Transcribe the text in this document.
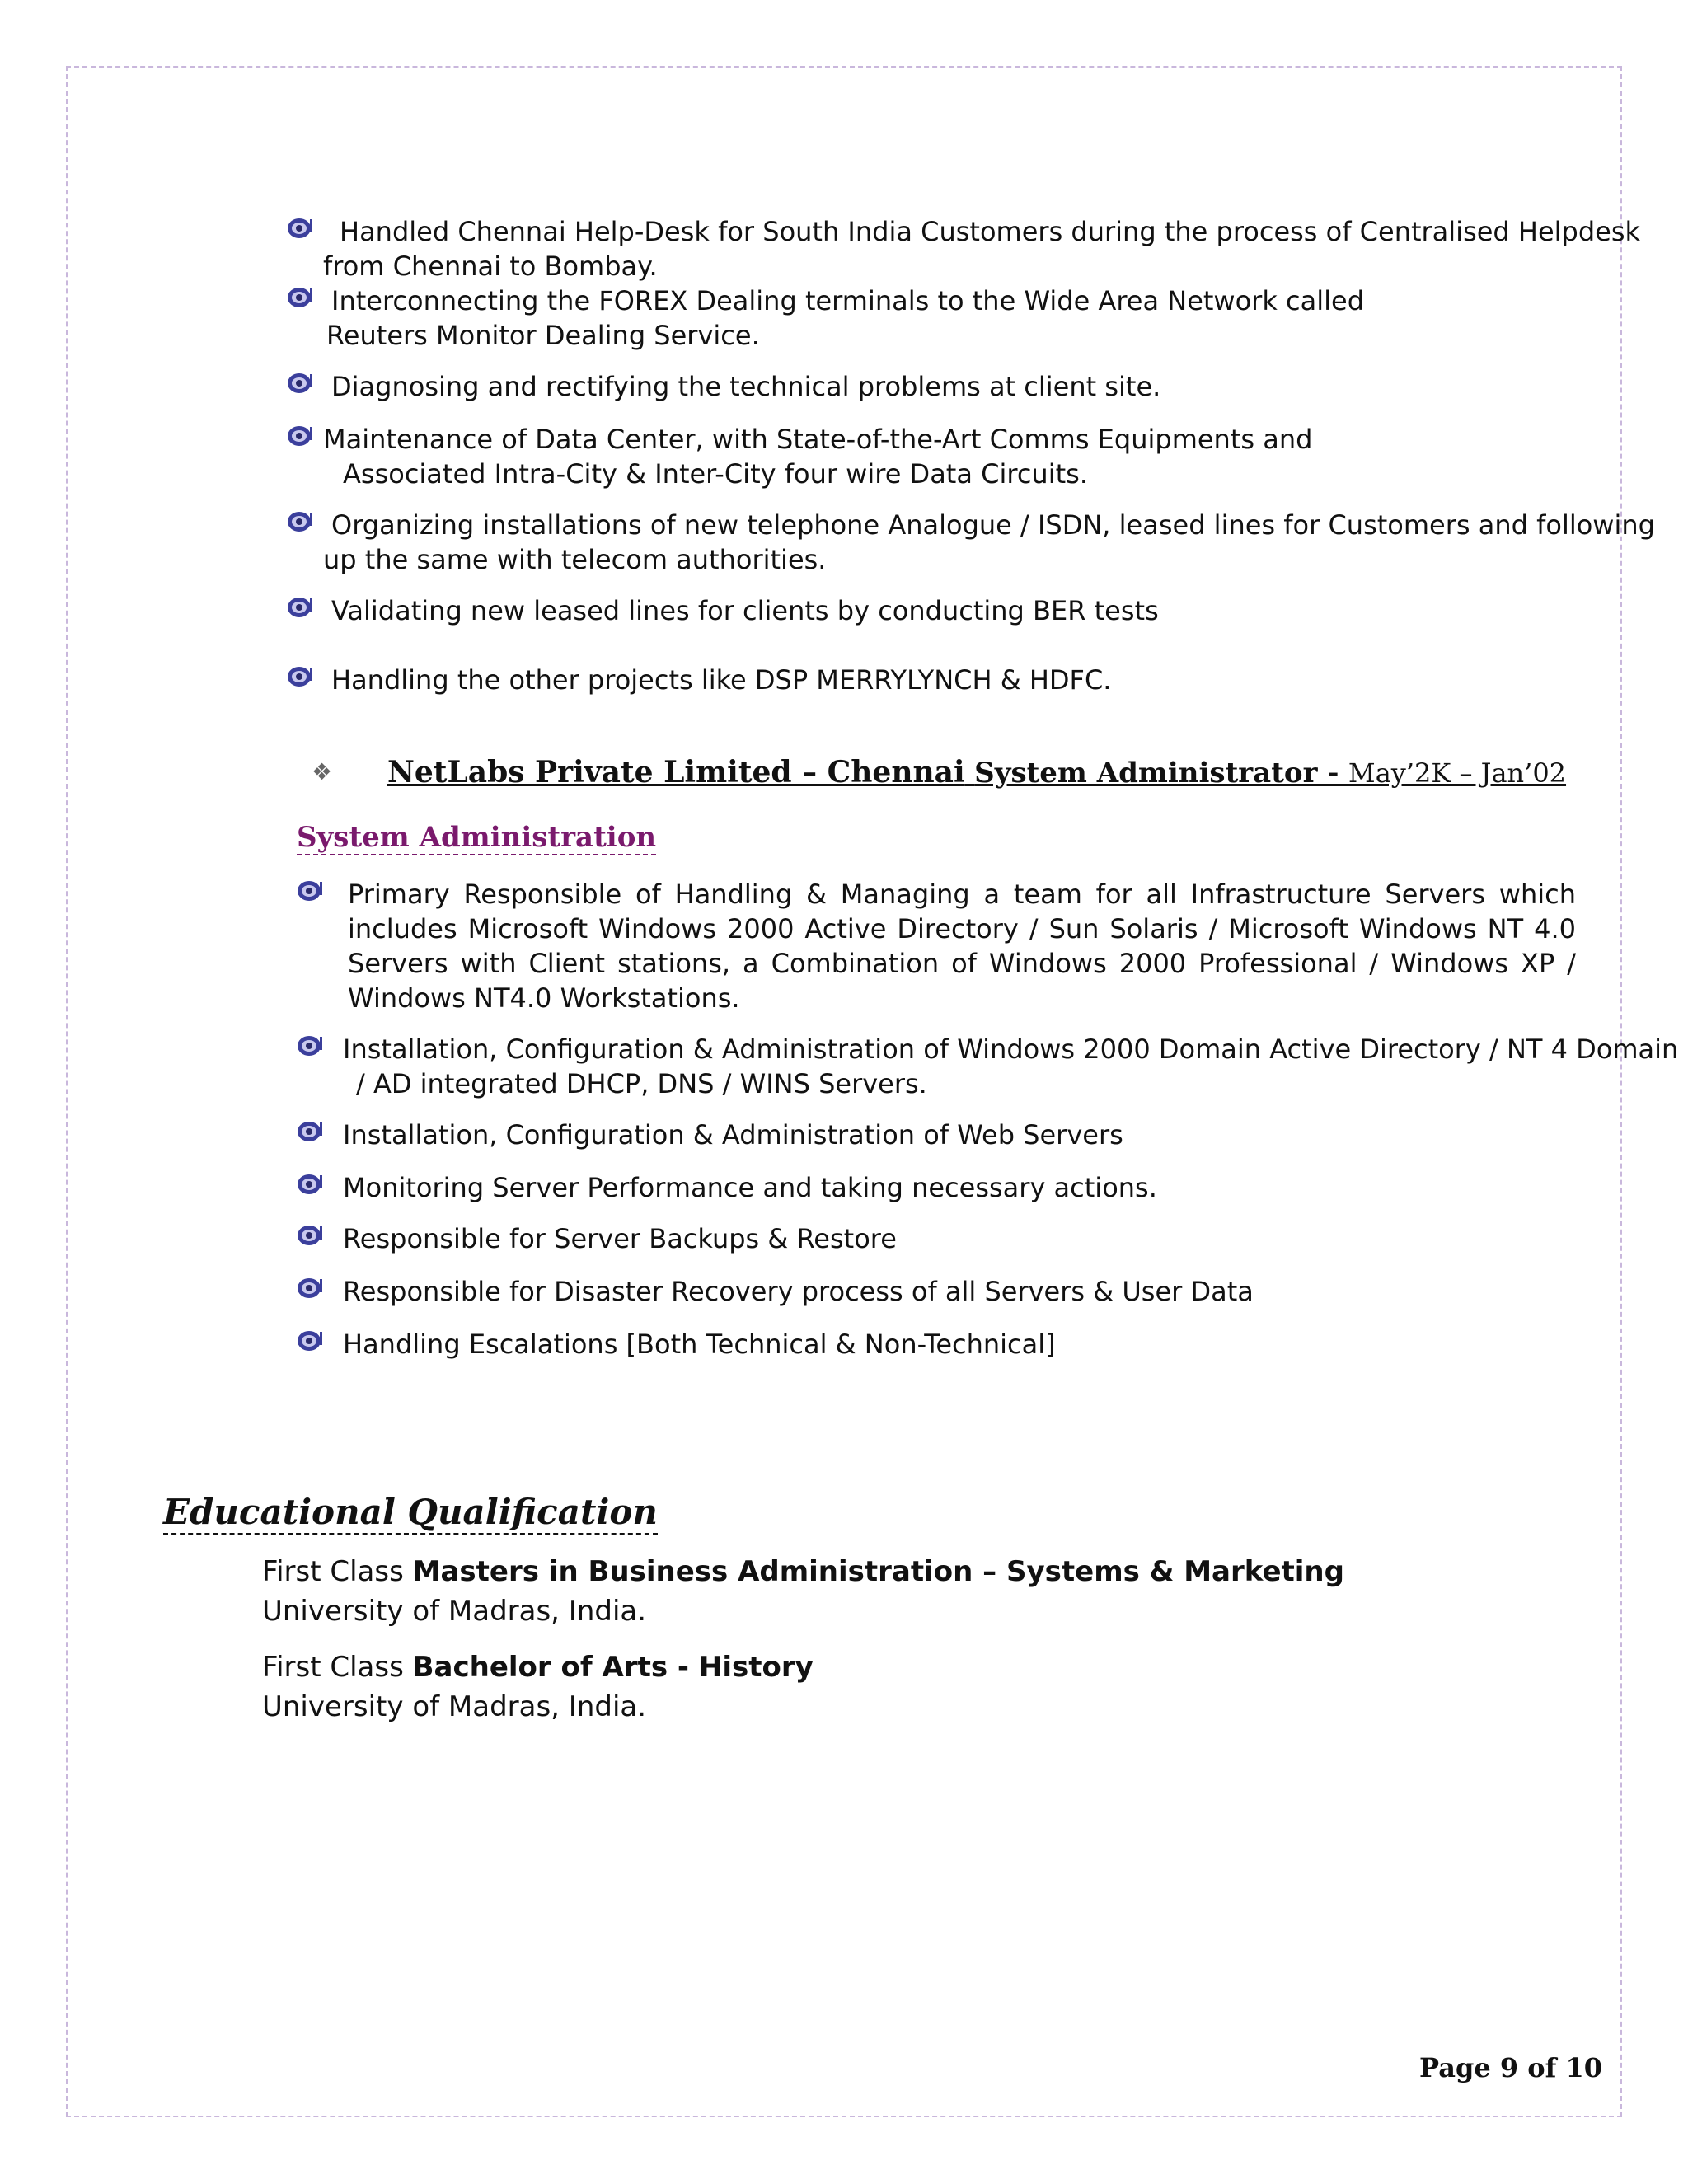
Handled Chennai Help-Desk for South India Customers during the process of Centralised Helpdesk
from Chennai to Bombay.
Interconnecting the FOREX Dealing terminals to the Wide Area Network called
Reuters Monitor Dealing Service.
Diagnosing and rectifying the technical problems at client site.
Maintenance of Data Center, with State-of-the-Art Comms Equipments and
Associated Intra-City & Inter-City four wire Data Circuits.
Organizing installations of new telephone Analogue / ISDN, leased lines for Customers and following
up the same with telecom authorities.
Validating new leased lines for clients by conducting BER tests
Handling the other projects like DSP MERRYLYNCH & HDFC.
❖ NetLabs Private Limited – Chennai System Administrator - May’2K – Jan’02
System Administration
Primary Responsible of Handling & Managing a team for all Infrastructure Servers which includes Microsoft Windows 2000 Active Directory / Sun Solaris / Microsoft Windows NT 4.0 Servers with Client stations, a Combination of Windows 2000 Professional / Windows XP / Windows NT4.0 Workstations.
Installation, Configuration & Administration of Windows 2000 Domain Active Directory / NT 4 Domain
/ AD integrated DHCP, DNS / WINS Servers.
Installation, Configuration & Administration of Web Servers
Monitoring Server Performance and taking necessary actions.
Responsible for Server Backups & Restore
Responsible for Disaster Recovery process of all Servers & User Data
Handling Escalations [Both Technical & Non-Technical]
Educational Qualification
First Class Masters in Business Administration – Systems & Marketing
University of Madras, India.
First Class Bachelor of Arts - History
University of Madras, India.
Page 9 of 10
